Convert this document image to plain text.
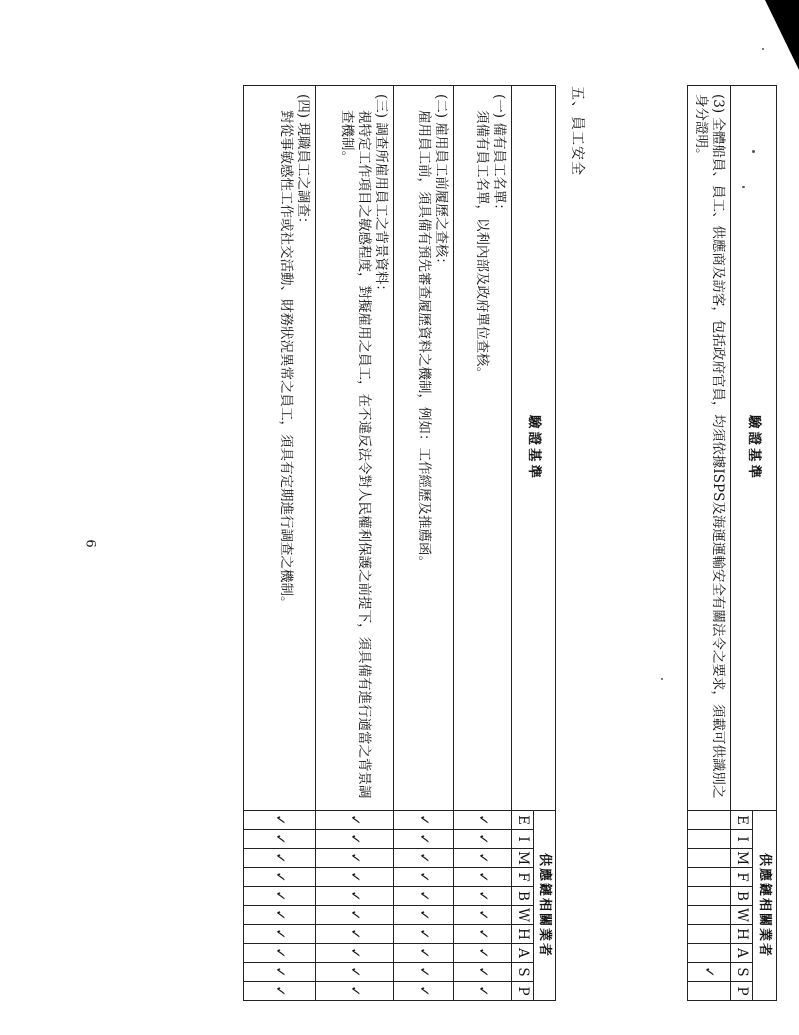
6
驗證基準	供應鏈相關業者									
	E	I	M	F	B	W	H	A	S	P
(3) 全體船員、員工、供應商及訪客，包括政府官員，均須依據ISPS及海運運輸安全有關法令之要求，須載可供識別之身分證明。									✓	
五、員工安全
驗證基準	供應鏈相關業者									
	E	I	M	F	B	W	H	A	S	P
(一) 備有員工名單：
須備有員工名單，以利內部及政府單位查核。	✓	✓	✓	✓	✓	✓	✓	✓	✓	✓
(二) 雇用員工前履歷之查核：
雇用員工前，須具備有預先審查履歷資料之機制，例如：工作經歷及推薦函。	✓	✓	✓	✓	✓	✓	✓	✓	✓	✓
(三) 調查所雇用員工之背景資料：
視特定工作項目之敏感程度，對擬雇用之員工，在不違反法令對人民權利保護之前提下，須具備有進行適當之背景調查機制。	✓	✓	✓	✓	✓	✓	✓	✓	✓	✓
(四) 現職員工之調查：
對從事敏感性工作或社交活動、財務狀況異常之員工，須具有定期進行調查之機制。	✓	✓	✓	✓	✓	✓	✓	✓	✓	✓
